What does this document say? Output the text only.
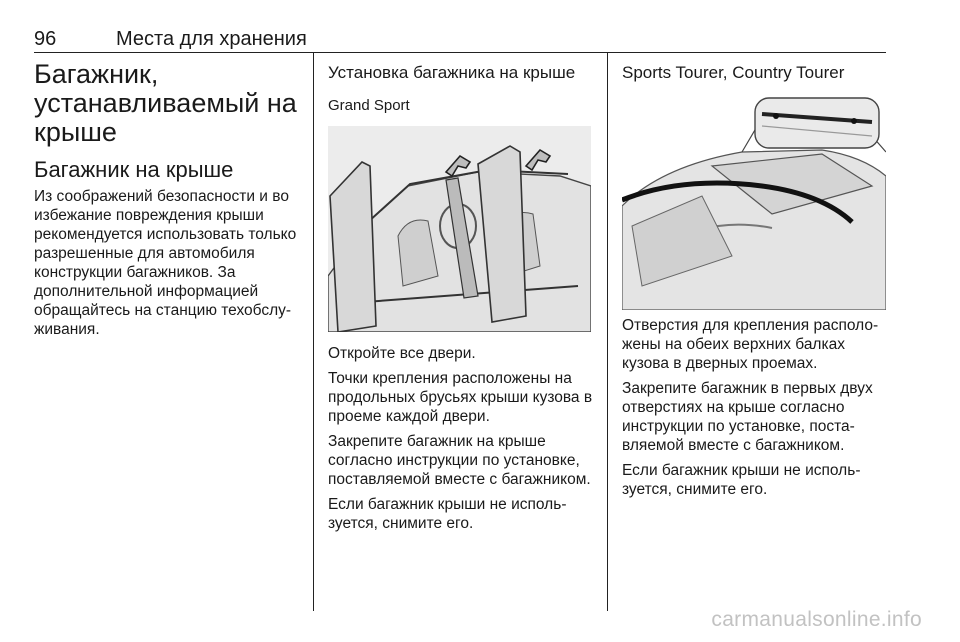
96	Места для хранения
Багажник, устанавливаемый на крыше
Багажник на крыше

Из соображений безопасности и во избежание повреждения крыши рекомендуется использовать только разрешенные для автомобиля конструкции багажников. За дополнительной информацией обращайтесь на станцию техобслуживания.

Установка багажника на крыше
Grand Sport

Откройте все двери.

Точки крепления расположены на продольных брусьях крыши кузова в проеме каждой двери.

Закрепите багажник на крыше согласно инструкции по установке, поставляемой вместе с багажником.

Если багажник крыши не используется, снимите его.

Sports Tourer, Country Tourer

Отверстия для крепления расположены на обеих верхних балках кузова в дверных проемах.

Закрепите багажник в первых двух отверстиях на крыше согласно инструкции по установке, поставляемой вместе с багажником.

Если багажник крыши не используется, снимите его.

carmanualsonline.info
